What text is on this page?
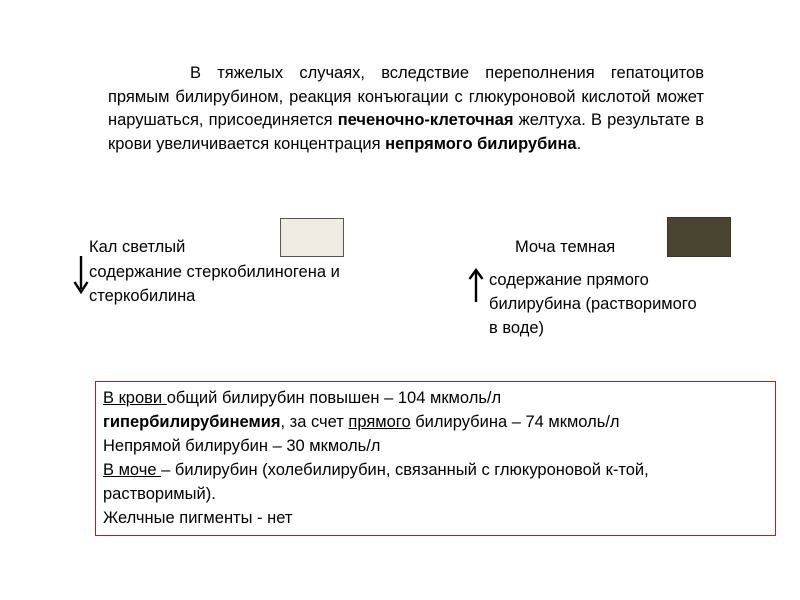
В тяжелых случаях, вследствие переполнения гепатоцитов прямым билирубином, реакция конъюгации с глюкуроновой кислотой может нарушаться, присоединяется печеночно-клеточная желтуха. В результате в крови увеличивается концентрация непрямого билирубина.
Кал светлый
содержание стеркобилиногена и
стеркобилина
Моча темная
содержание прямого
билирубина (растворимого
в воде)
В крови общий билирубин повышен – 104 мкмоль/л
гипербилирубинемия, за счет прямого билирубина – 74 мкмоль/л
Непрямой билирубин – 30 мкмоль/л
В моче – билирубин (холебилирубин, связанный с глюкуроновой к-той,
растворимый).
Желчные пигменты - нет
